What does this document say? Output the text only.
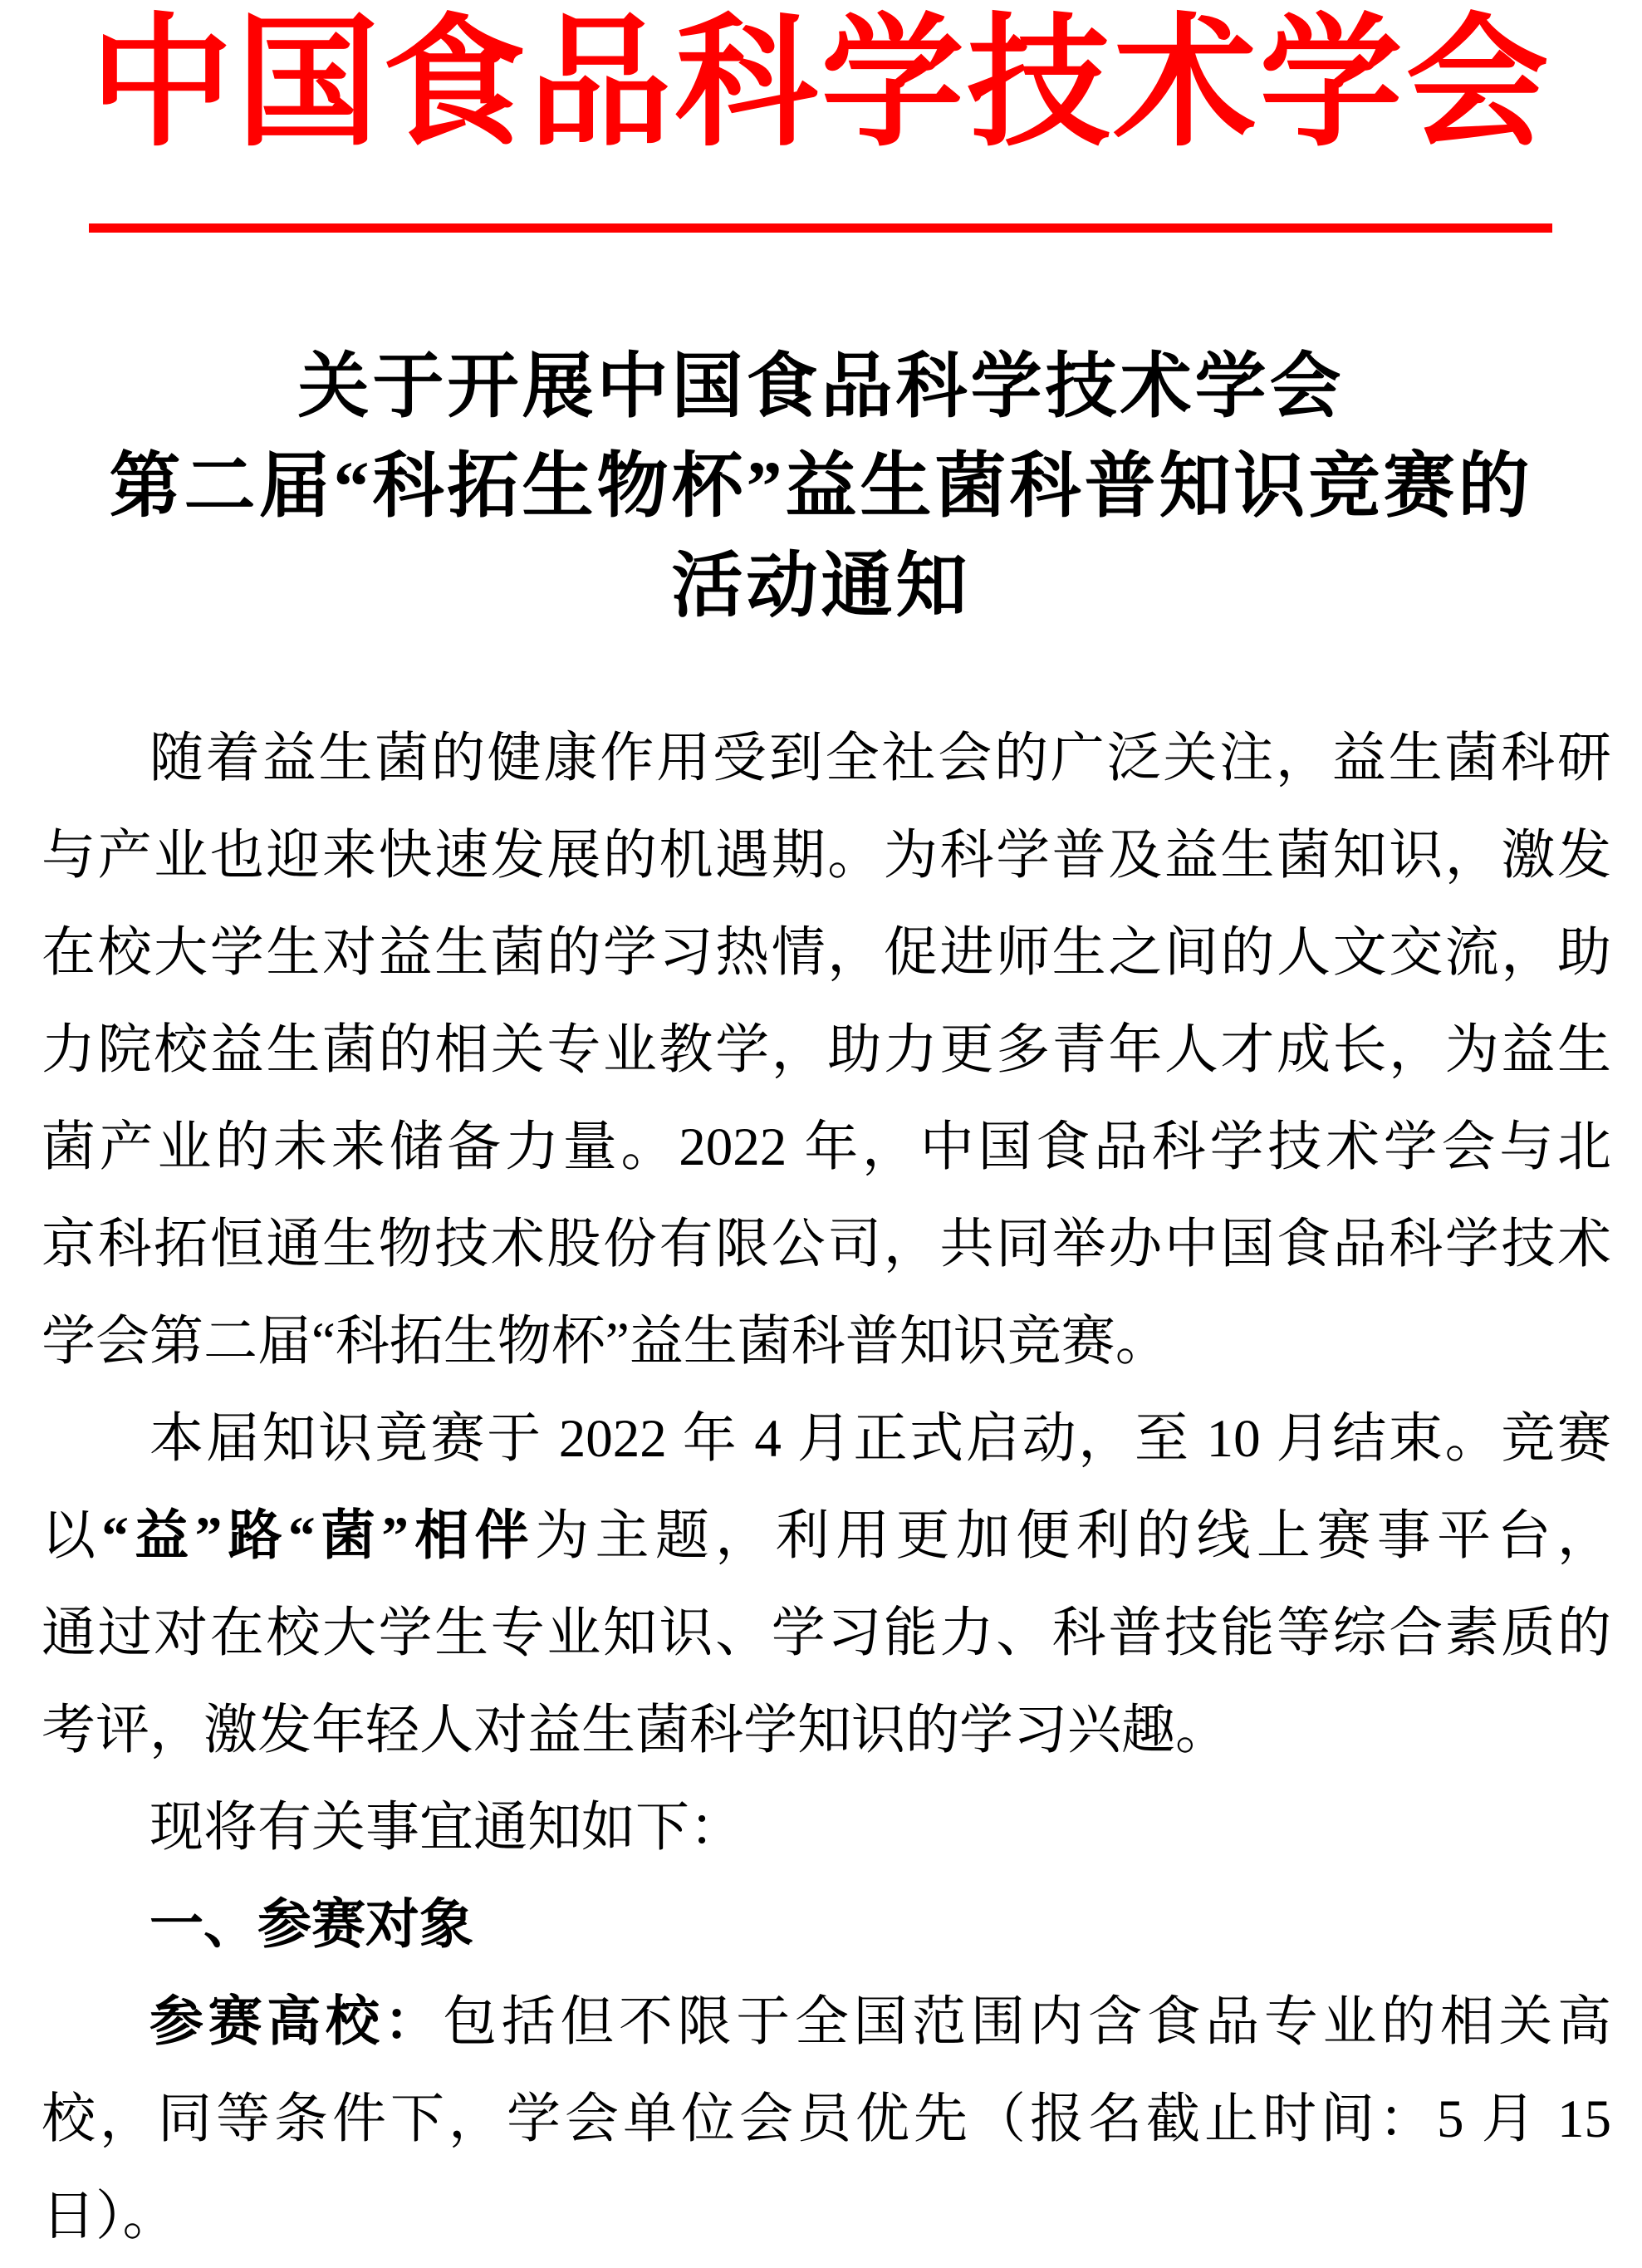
中国食品科学技术学会
关于开展中国食品科学技术学会
第二届“科拓生物杯”益生菌科普知识竞赛的
活动通知
随着益生菌的健康作用受到全社会的广泛关注，益生菌科研
与产业也迎来快速发展的机遇期。为科学普及益生菌知识，激发
在校大学生对益生菌的学习热情，促进师生之间的人文交流，助
力院校益生菌的相关专业教学，助力更多青年人才成长，为益生
菌产业的未来储备力量。2022 年，中国食品科学技术学会与北
京科拓恒通生物技术股份有限公司，共同举办中国食品科学技术
学会第二届“科拓生物杯”益生菌科普知识竞赛。
本届知识竟赛于 2022 年 4 月正式启动，至 10 月结束。竞赛
以“益”路“菌”相伴为主题，利用更加便利的线上赛事平台，
通过对在校大学生专业知识、学习能力、科普技能等综合素质的
考评，激发年轻人对益生菌科学知识的学习兴趣。
现将有关事宜通知如下：
一、参赛对象
参赛高校：包括但不限于全国范围内含食品专业的相关高
校，同等条件下，学会单位会员优先（报名截止时间：5 月 15
日）。
